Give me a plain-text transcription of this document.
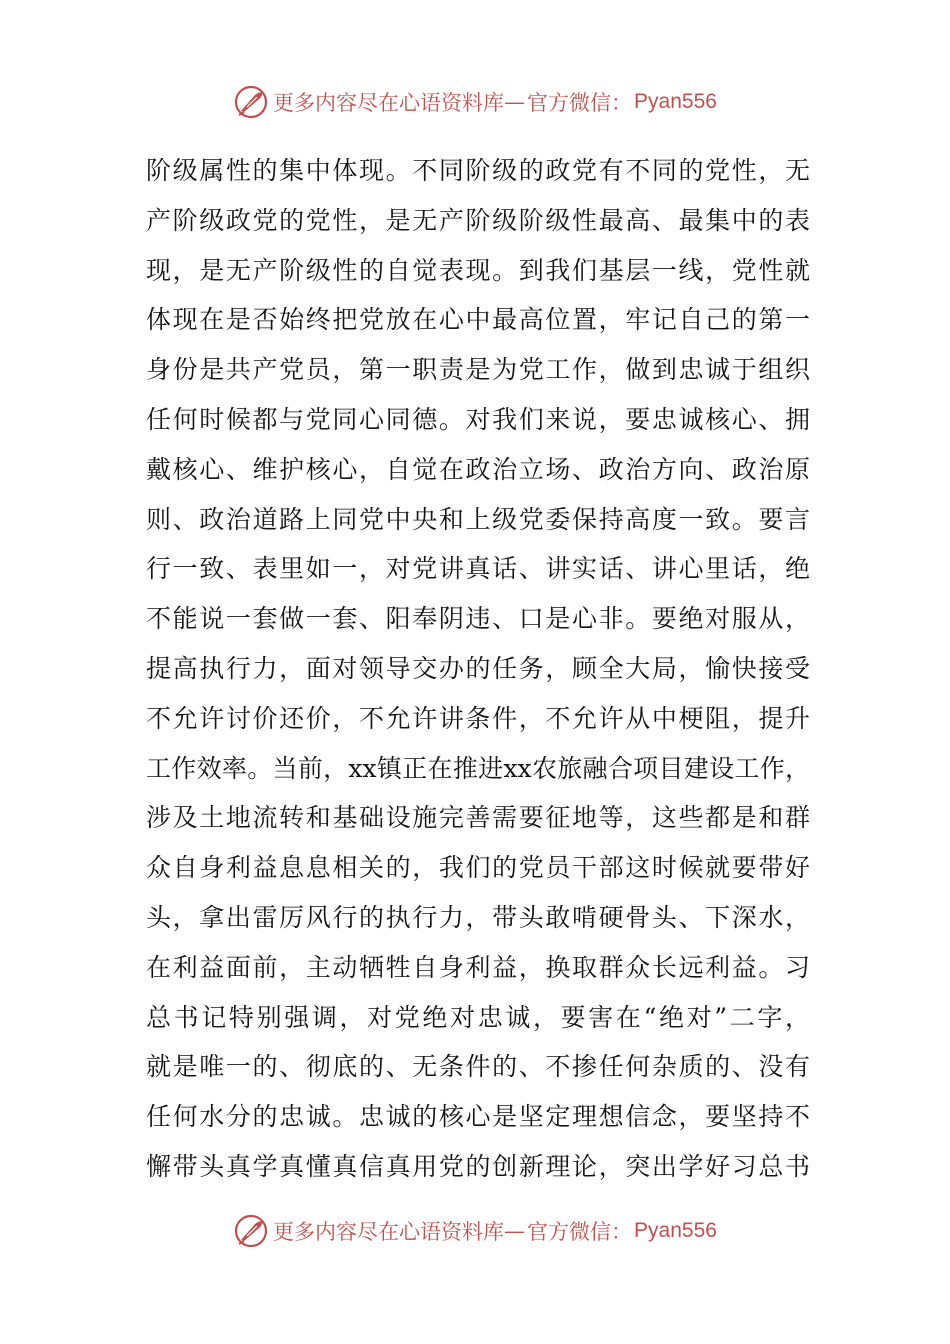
更多内容尽在心语资料库 — 官方微信： Pyan556
阶级属性的集中体现。不同阶级的政党有不同的党性，无
产阶级政党的党性，是无产阶级阶级性最高、最集中的表
现，是无产阶级性的自觉表现。到我们基层一线，党性就
体现在是否始终把党放在心中最高位置，牢记自己的第一
身份是共产党员，第一职责是为党工作，做到忠诚于组织
任何时候都与党同心同德。对我们来说，要忠诚核心、拥
戴核心、维护核心，自觉在政治立场、政治方向、政治原
则、政治道路上同党中央和上级党委保持高度一致。要言
行一致、表里如一，对党讲真话、讲实话、讲心里话，绝
不能说一套做一套、阳奉阴违、口是心非。要绝对服从，
提高执行力，面对领导交办的任务，顾全大局，愉快接受
不允许讨价还价，不允许讲条件，不允许从中梗阻，提升
工作效率。当前，xx镇正在推进xx农旅融合项目建设工作，
涉及土地流转和基础设施完善需要征地等，这些都是和群
众自身利益息息相关的，我们的党员干部这时候就要带好
头，拿出雷厉风行的执行力，带头敢啃硬骨头、下深水，
在利益面前，主动牺牲自身利益，换取群众长远利益。习
总书记特别强调，对党绝对忠诚，要害在“绝对”二字，
就是唯一的、彻底的、无条件的、不掺任何杂质的、没有
任何水分的忠诚。忠诚的核心是坚定理想信念，要坚持不
懈带头真学真懂真信真用党的创新理论，突出学好习总书
更多内容尽在心语资料库 — 官方微信： Pyan556
